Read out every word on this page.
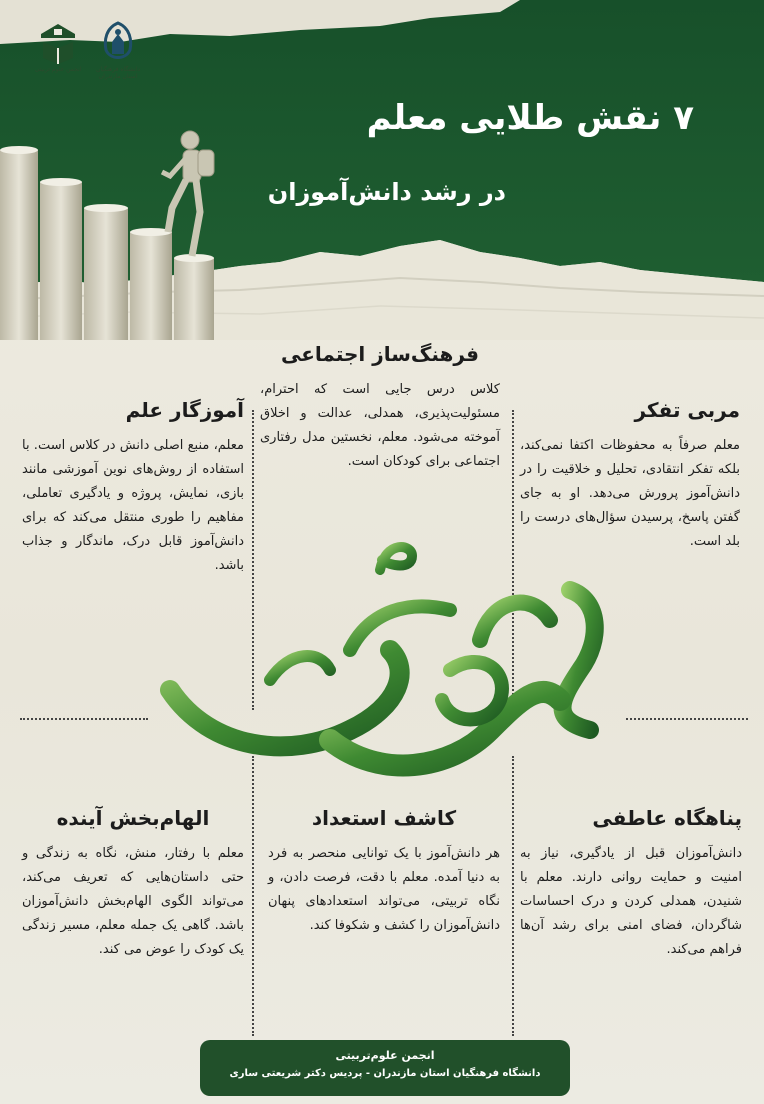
انجمن علوم تربیتی	دانشگاه فرهنگیان استان مازندران
۷ نقش طلایی معلم
در رشد دانش‌آموزان
مربی تفکر

معلم صرفاً به محفوظات اکتفا نمی‌کند، بلکه تفکر انتقادی، تحلیل و خلاقیت را در دانش‌آموز پرورش می‌دهد. او به جای گفتن پاسخ، پرسیدن سؤال‌های درست را بلد است.

فرهنگ‌ساز اجتماعی

کلاس درس جایی است که احترام، مسئولیت‌پذیری، همدلی، عدالت و اخلاق آموخته می‌شود. معلم، نخستین مدل رفتاری اجتماعی برای کودکان است.

آموزگار علم

معلم، منبع اصلی دانش در کلاس است. با استفاده از روش‌های نوین آموزشی مانند بازی، نمایش، پروژه و یادگیری تعاملی، مفاهیم را طوری منتقل می‌کند که برای دانش‌آموز قابل درک، ماندگار و جذاب باشد.

پناهگاه عاطفی

دانش‌آموزان قبل از یادگیری، نیاز به امنیت و حمایت روانی دارند. معلم با شنیدن، همدلی کردن و درک احساسات شاگردان، فضای امنی برای رشد آن‌ها فراهم می‌کند.

کاشف استعداد

هر دانش‌آموز با یک توانایی منحصر به فرد به دنیا آمده. معلم با دقت، فرصت دادن، و نگاه تربیتی، می‌تواند استعدادهای پنهان دانش‌آموزان را کشف و شکوفا کند.

الهام‌بخش آینده

معلم با رفتار، منش، نگاه به زندگی و حتی داستان‌هایی که تعریف می‌کند، می‌تواند الگوی الهام‌بخش دانش‌آموزان باشد. گاهی یک جمله معلم، مسیر زندگی یک کودک را عوض می کند.

انجمن علوم‌تربیتی
دانشگاه فرهنگیان استان مازندران - پردیس دکتر شریعتی ساری
